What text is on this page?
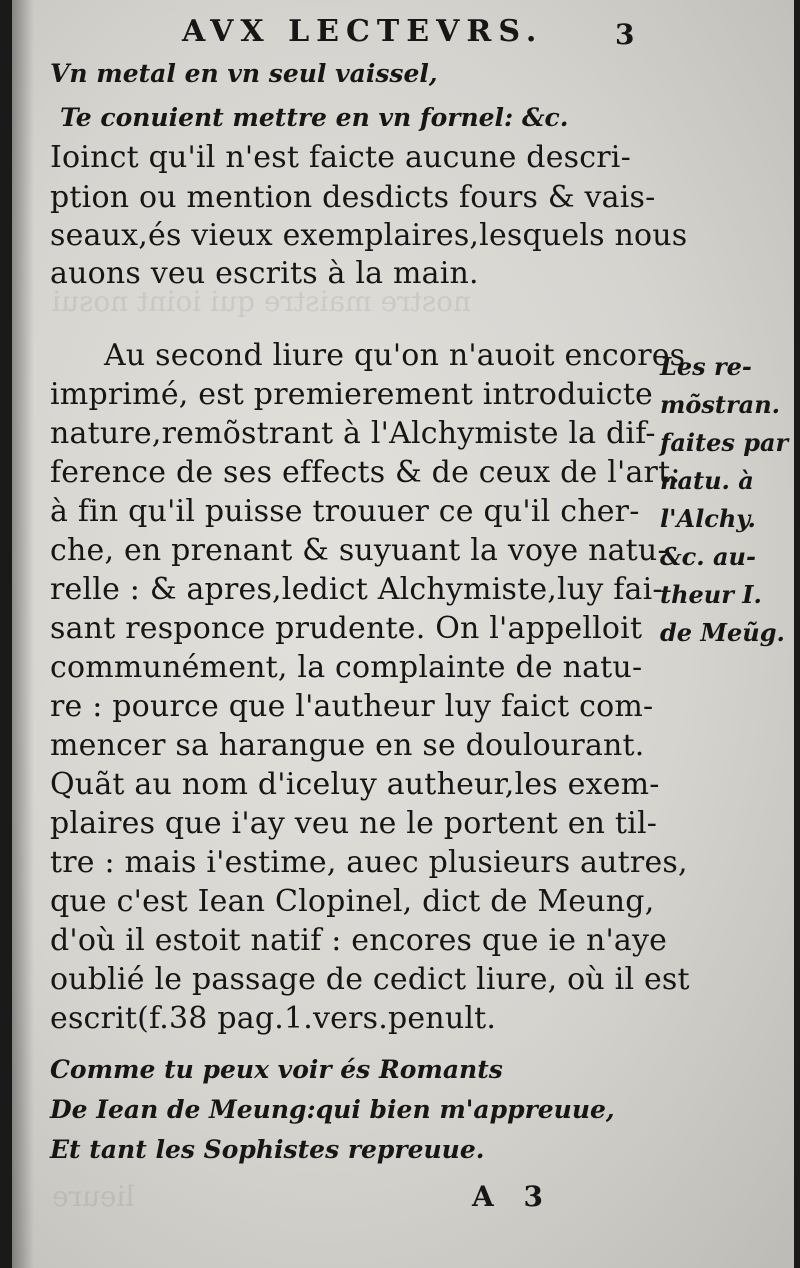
nostre maistre qui ioint nosui
lieure
AVX LECTEVRS.	3
Vn metal en vn seul vaissel,
Te conuient mettre en vn fornel: &c.
Ioinct qu'il n'est faicte aucune descri-
ption ou mention desdicts fours & vais-
seaux,és vieux exemplaires,lesquels nous
auons veu escrits à la main.
Au second liure qu'on n'auoit encores
imprimé, est premierement introduicte
nature,remõstrant à l'Alchymiste la dif-
ference de ses effects & de ceux de l'art:
à fin qu'il puisse trouuer ce qu'il cher-
che, en prenant & suyuant la voye natu-
relle : & apres,ledict Alchymiste,luy fai-
sant responce prudente. On l'appelloit
communément, la complainte de natu-
re : pource que l'autheur luy faict com-
mencer sa harangue en se doulourant.
Quãt au nom d'iceluy autheur,les exem-
plaires que i'ay veu ne le portent en til-
tre : mais i'estime, auec plusieurs autres,
que c'est Iean Clopinel, dict de Meung,
d'où il estoit natif : encores que ie n'aye
oublié le passage de cedict liure, où il est
escrit(f.38 pag.1.vers.penult.
Comme tu peux voir és Romants
De Iean de Meung:qui bien m'appreuue,
Et tant les Sophistes repreuue.
Les re-
mõstran.
faites par
natu. à
l'Alchy.
&c. au-
theur I.
de Meũg.
A 3
